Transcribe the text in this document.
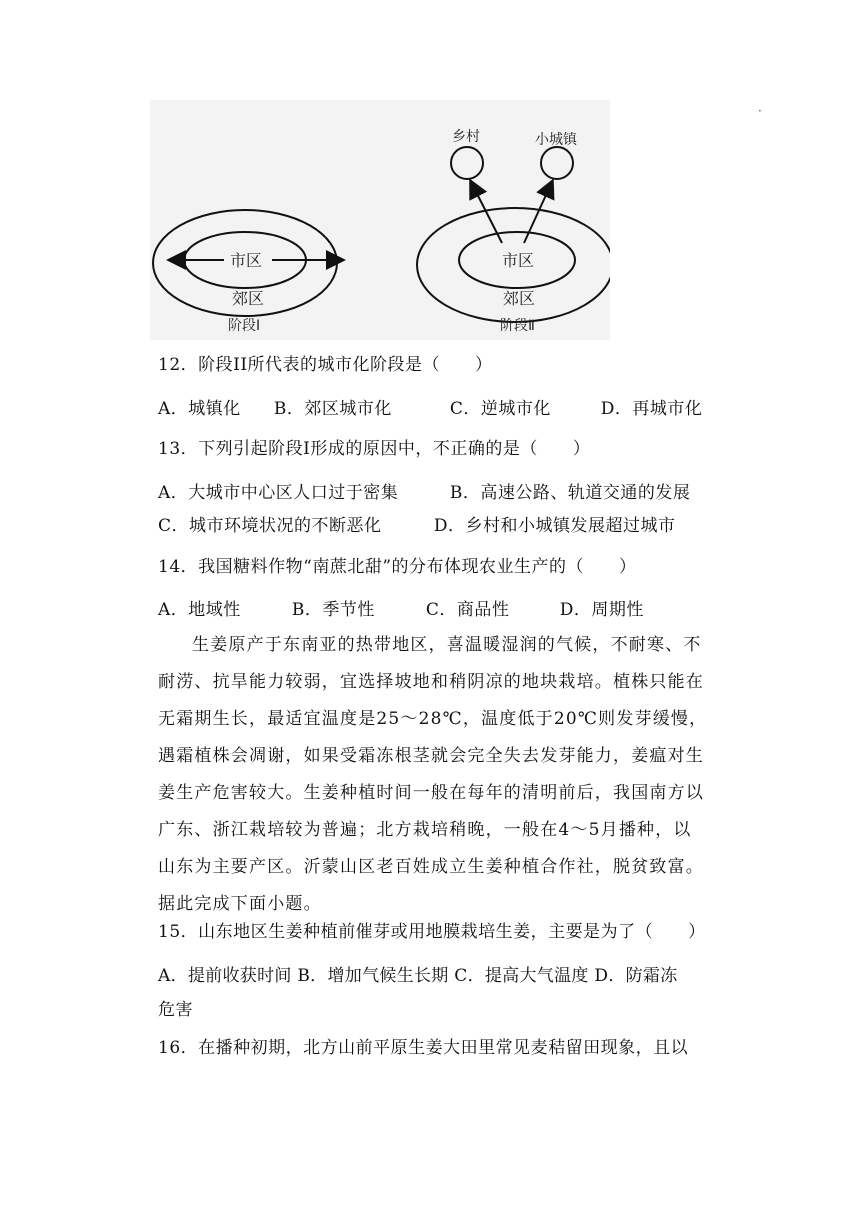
·
市区
郊区
阶段Ⅰ
乡村	小城镇
市区
郊区
阶段Ⅱ
12．阶段II所代表的城市化阶段是（　　）
A．城镇化 B．郊区城市化	C．逆城市化	D．再城市化
13．下列引起阶段I形成的原因中，不正确的是（　　）
A．大城市中心区人口过于密集	B．高速公路、轨道交通的发展
C．城市环境状况的不断恶化	D．乡村和小城镇发展超过城市
14．我国糖料作物“南蔗北甜”的分布体现农业生产的（　　）
A．地域性	B．季节性	C．商品性	D．周期性
生姜原产于东南亚的热带地区，喜温暖湿润的气候，不耐寒、不耐涝、抗旱能力较弱，宜选择坡地和稍阴凉的地块栽培。植株只能在无霜期生长，最适宜温度是25～28℃，温度低于20℃则发芽缓慢，遇霜植株会凋谢，如果受霜冻根茎就会完全失去发芽能力，姜瘟对生姜生产危害较大。生姜种植时间一般在每年的清明前后，我国南方以广东、浙江栽培较为普遍；北方栽培稍晚，一般在4～5月播种，以山东为主要产区。沂蒙山区老百姓成立生姜种植合作社，脱贫致富。据此完成下面小题。
15．山东地区生姜种植前催芽或用地膜栽培生姜，主要是为了（　　）
A．提前收获时间 B．增加气候生长期 C．提高大气温度 D．防霜冻
危害
16．在播种初期，北方山前平原生姜大田里常见麦秸留田现象，且以
